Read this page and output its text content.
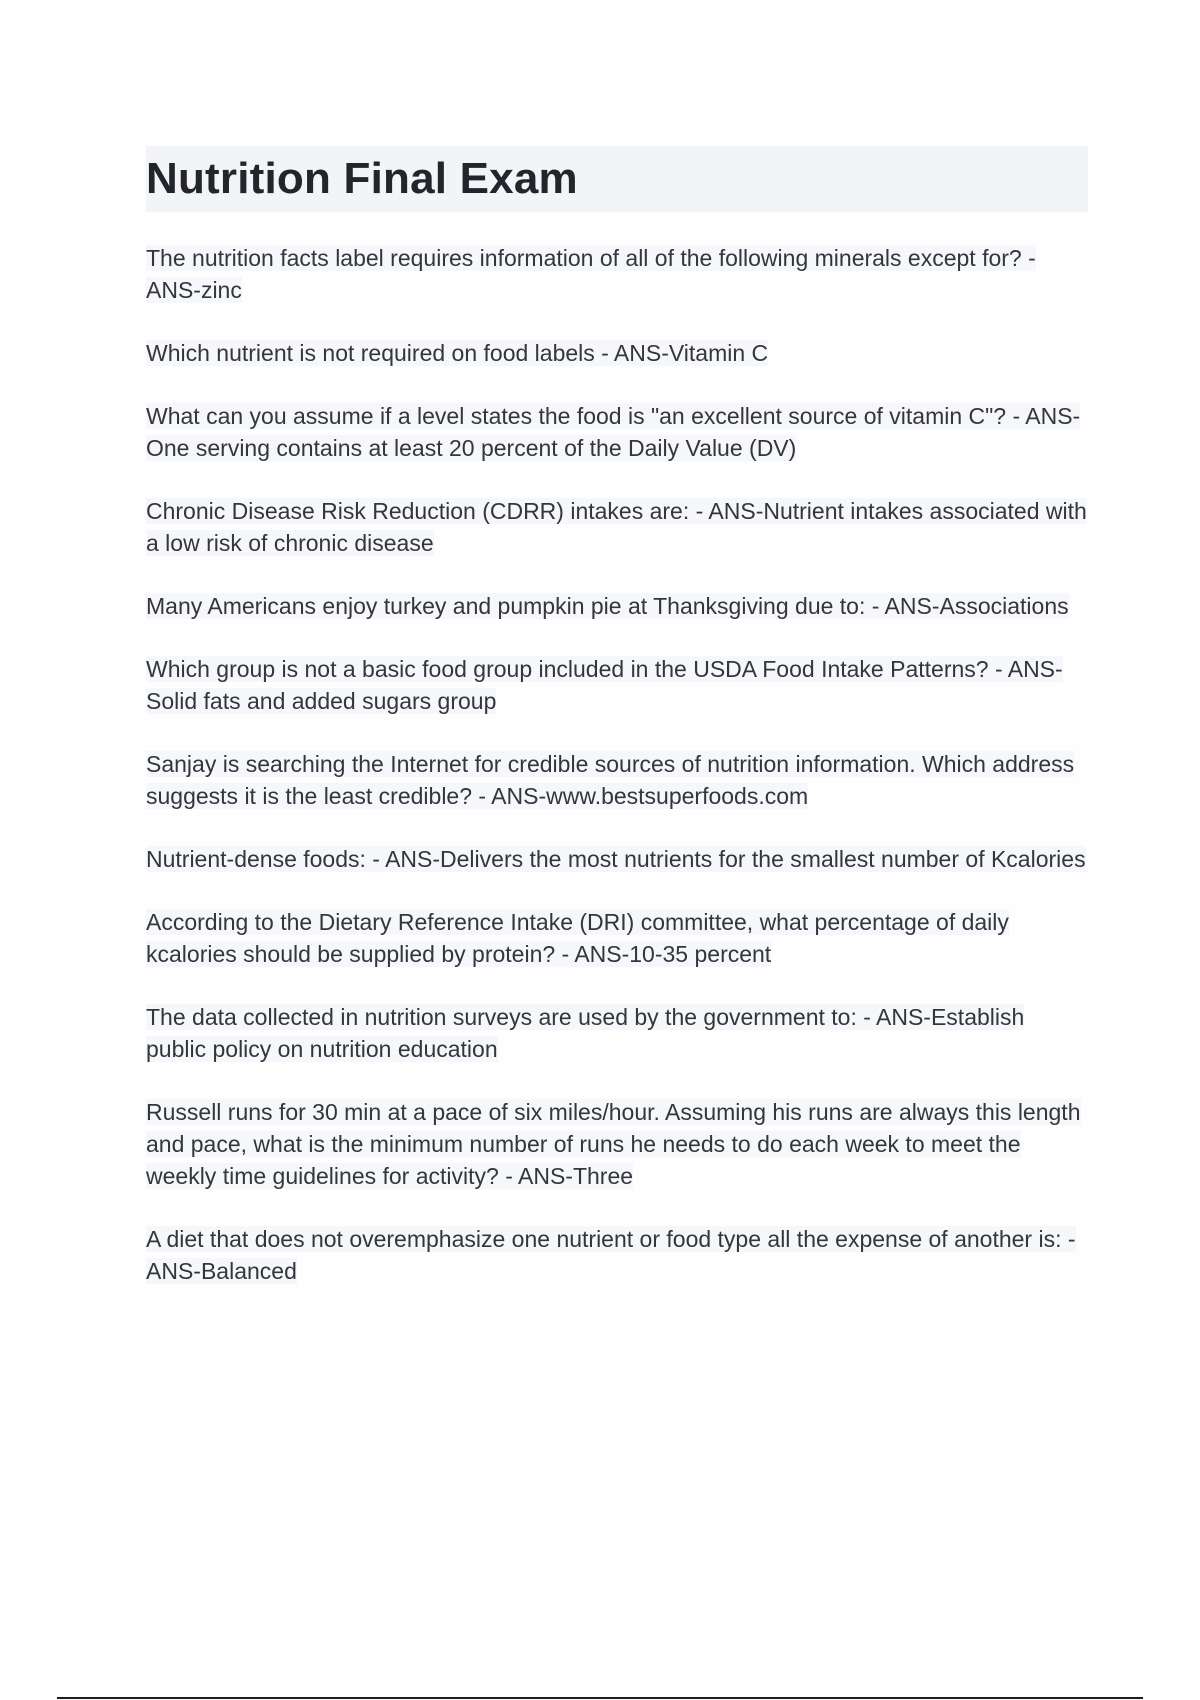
Nutrition Final Exam
The nutrition facts label requires information of all of the following minerals except for? - ANS-zinc
Which nutrient is not required on food labels - ANS-Vitamin C
What can you assume if a level states the food is "an excellent source of vitamin C"? - ANS-One serving contains at least 20 percent of the Daily Value (DV)
Chronic Disease Risk Reduction (CDRR) intakes are: - ANS-Nutrient intakes associated with a low risk of chronic disease
Many Americans enjoy turkey and pumpkin pie at Thanksgiving due to: - ANS-Associations
Which group is not a basic food group included in the USDA Food Intake Patterns? - ANS-Solid fats and added sugars group
Sanjay is searching the Internet for credible sources of nutrition information. Which address suggests it is the least credible? - ANS-www.bestsuperfoods.com
Nutrient-dense foods: - ANS-Delivers the most nutrients for the smallest number of Kcalories
According to the Dietary Reference Intake (DRI) committee, what percentage of daily kcalories should be supplied by protein? - ANS-10-35 percent
The data collected in nutrition surveys are used by the government to: - ANS-Establish public policy on nutrition education
Russell runs for 30 min at a pace of six miles/hour. Assuming his runs are always this length and pace, what is the minimum number of runs he needs to do each week to meet the weekly time guidelines for activity? - ANS-Three
A diet that does not overemphasize one nutrient or food type all the expense of another is: - ANS-Balanced
